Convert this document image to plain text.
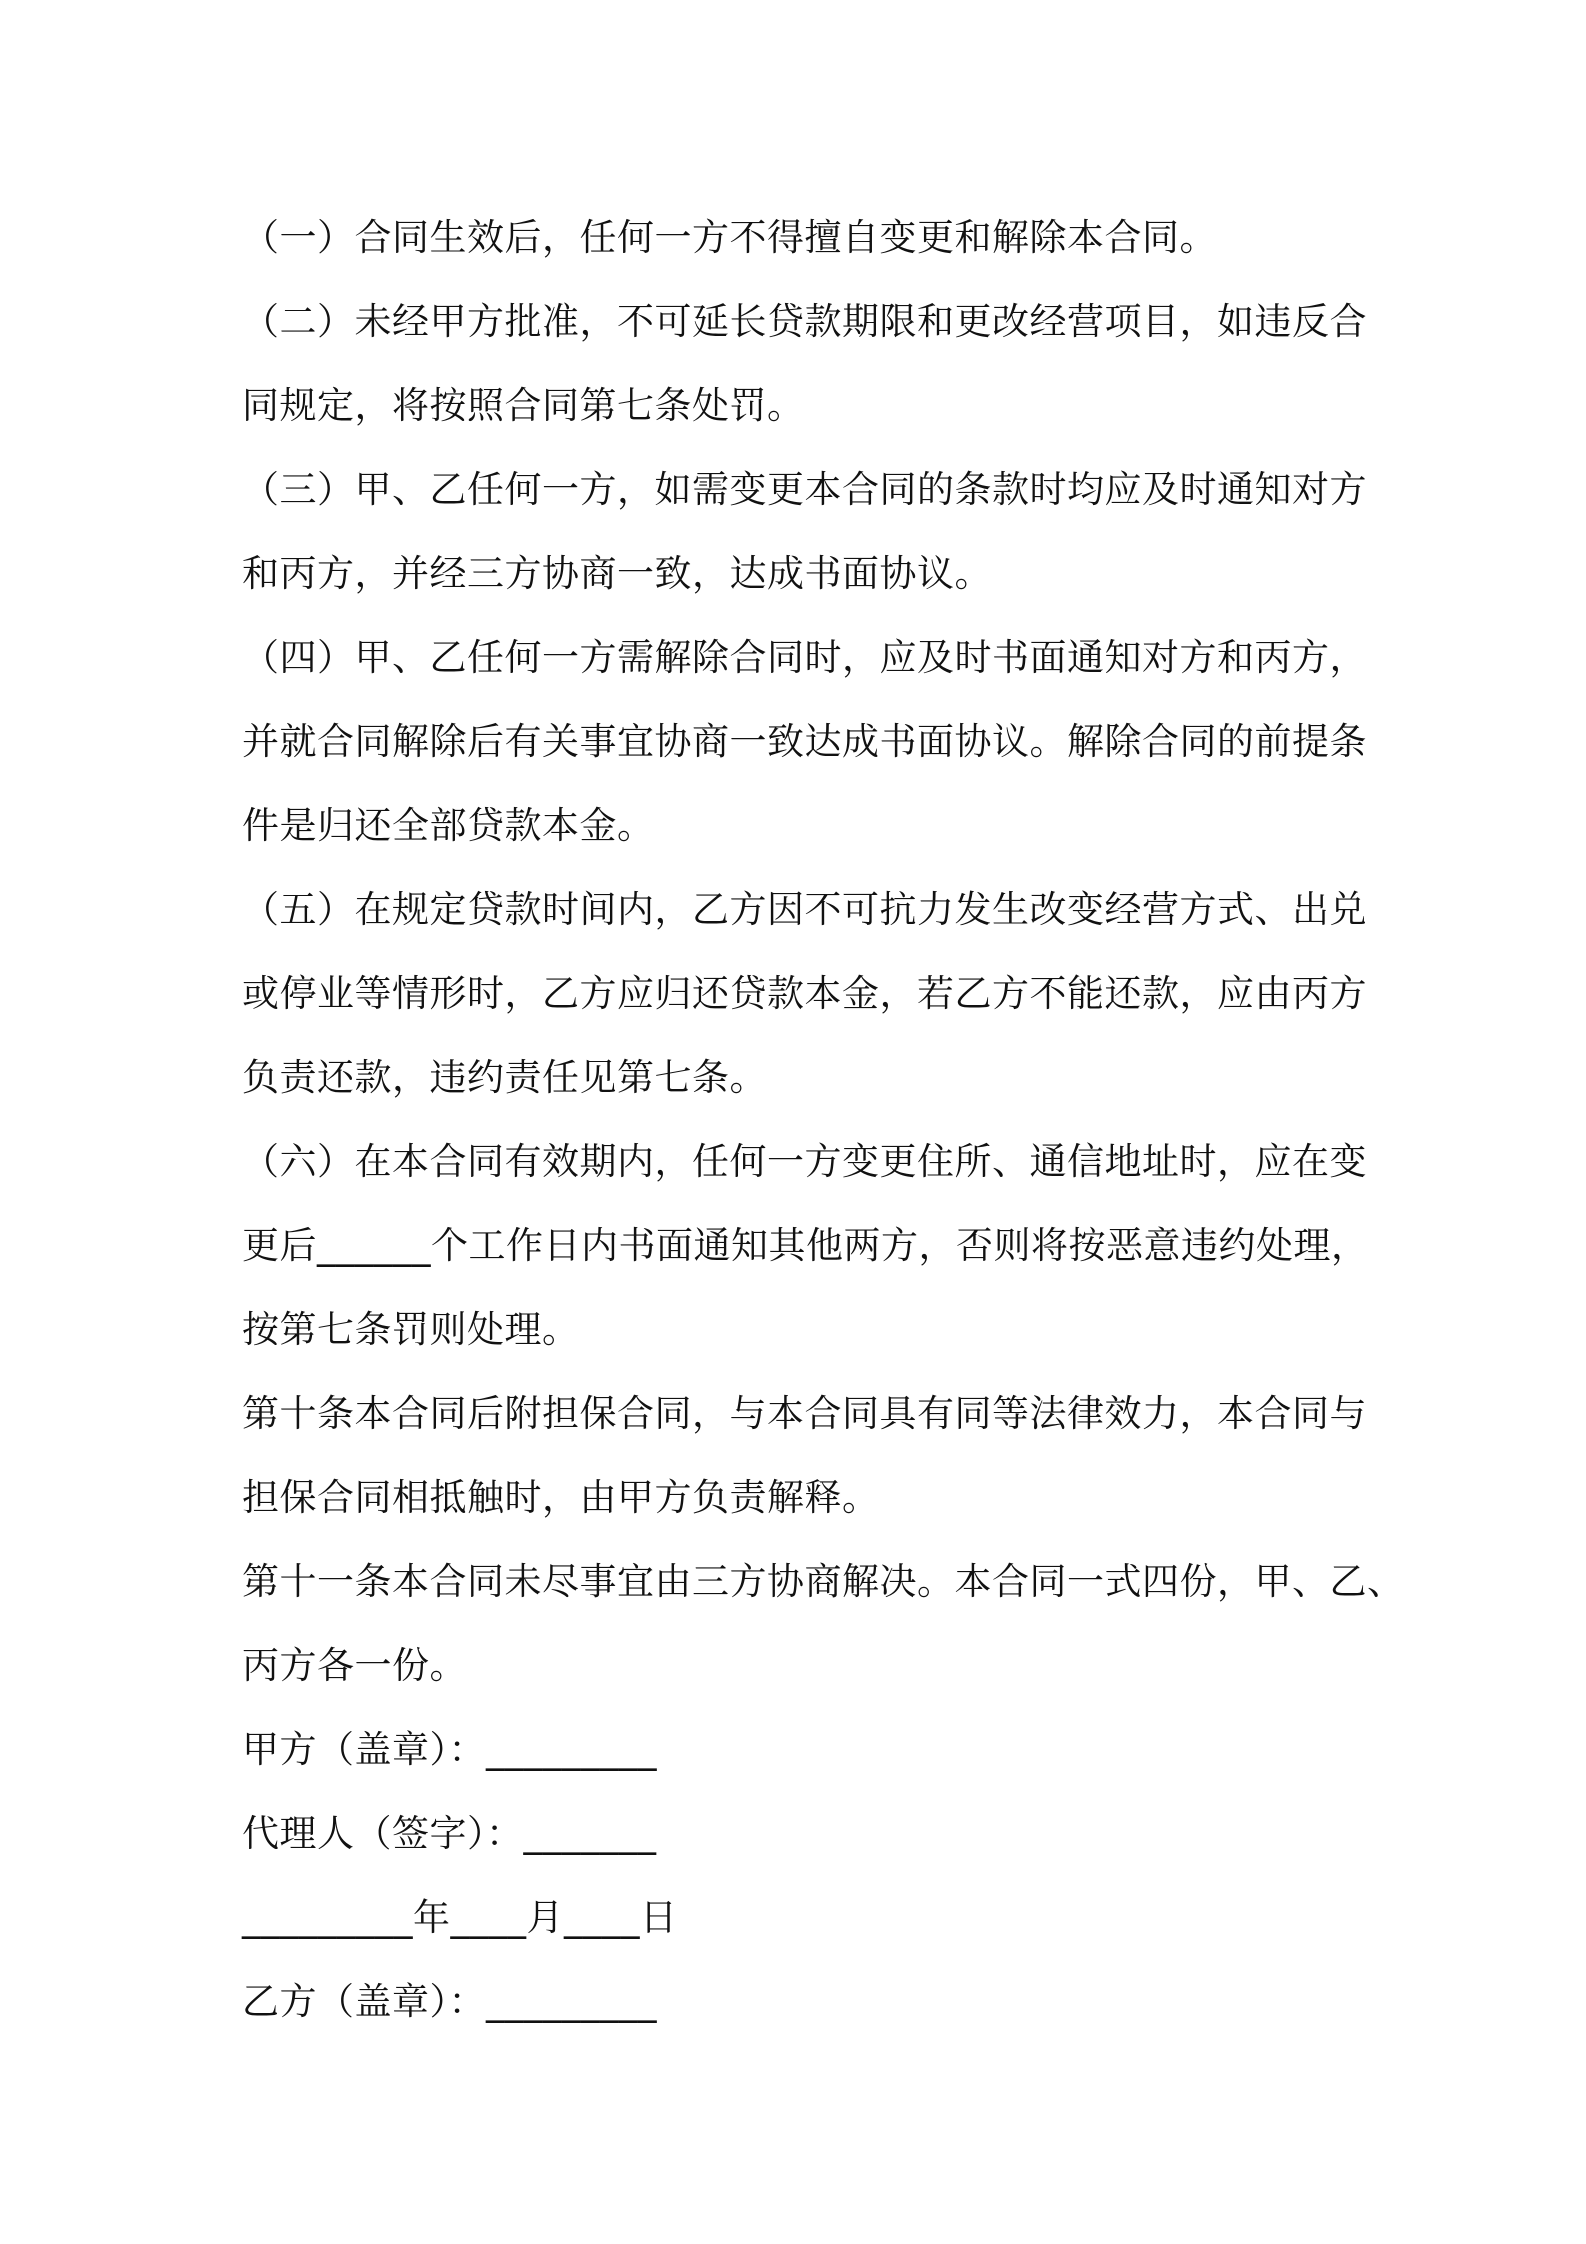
（一）合同生效后，任何一方不得擅自变更和解除本合同。
（二）未经甲方批准，不可延长贷款期限和更改经营项目，如违反合
同规定，将按照合同第七条处罚。
（三）甲、乙任何一方，如需变更本合同的条款时均应及时通知对方
和丙方，并经三方协商一致，达成书面协议。
（四）甲、乙任何一方需解除合同时，应及时书面通知对方和丙方，
并就合同解除后有关事宜协商一致达成书面协议。解除合同的前提条
件是归还全部贷款本金。
（五）在规定贷款时间内，乙方因不可抗力发生改变经营方式、出兑
或停业等情形时，乙方应归还贷款本金，若乙方不能还款，应由丙方
负责还款，违约责任见第七条。
（六）在本合同有效期内，任何一方变更住所、通信地址时，应在变
更后______个工作日内书面通知其他两方，否则将按恶意违约处理，
按第七条罚则处理。
第十条本合同后附担保合同，与本合同具有同等法律效力，本合同与
担保合同相抵触时，由甲方负责解释。
第十一条本合同未尽事宜由三方协商解决。本合同一式四份，甲、乙、
丙方各一份。
甲方（盖章）：_________
代理人（签字）：_______
_________年____月____日
乙方（盖章）：_________
